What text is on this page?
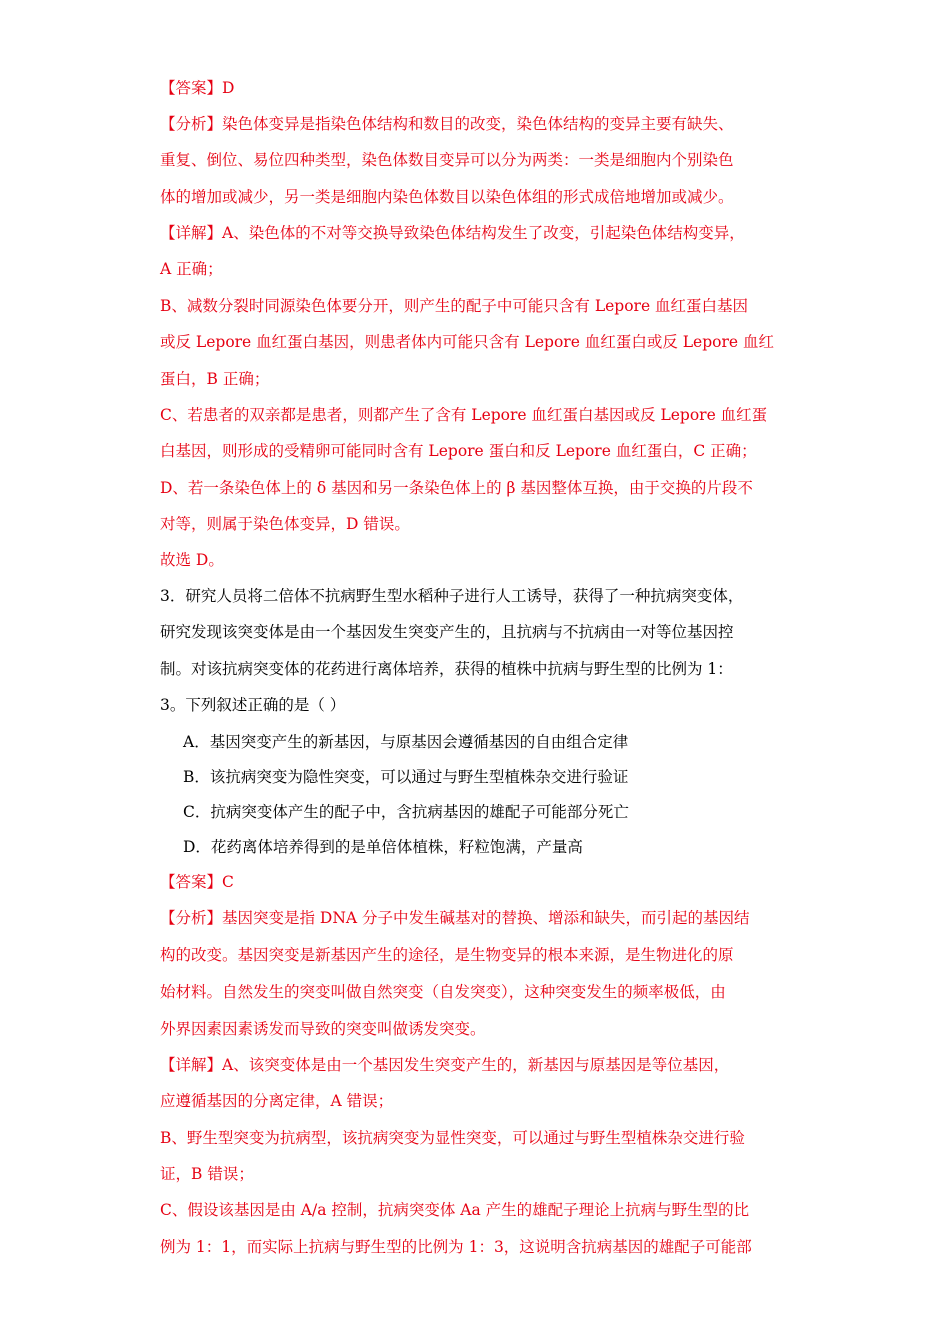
【答案】D
【分析】染色体变异是指染色体结构和数目的改变，染色体结构的变异主要有缺失、
重复、倒位、易位四种类型，染色体数目变异可以分为两类：一类是细胞内个别染色
体的增加或减少，另一类是细胞内染色体数目以染色体组的形式成倍地增加或减少。
【详解】A、染色体的不对等交换导致染色体结构发生了改变，引起染色体结构变异，
A 正确；
B、减数分裂时同源染色体要分开，则产生的配子中可能只含有 Lepore 血红蛋白基因
或反 Lepore 血红蛋白基因，则患者体内可能只含有 Lepore 血红蛋白或反 Lepore 血红
蛋白，B 正确；
C、若患者的双亲都是患者，则都产生了含有 Lepore 血红蛋白基因或反 Lepore 血红蛋
白基因，则形成的受精卵可能同时含有 Lepore 蛋白和反 Lepore 血红蛋白，C 正确；
D、若一条染色体上的 δ 基因和另一条染色体上的 β 基因整体互换，由于交换的片段不
对等，则属于染色体变异，D 错误。
故选 D。
3．研究人员将二倍体不抗病野生型水稻种子进行人工诱导，获得了一种抗病突变体，
研究发现该突变体是由一个基因发生突变产生的，且抗病与不抗病由一对等位基因控
制。对该抗病突变体的花药进行离体培养，获得的植株中抗病与野生型的比例为 1：
3。下列叙述正确的是（ ）
A．基因突变产生的新基因，与原基因会遵循基因的自由组合定律
B．该抗病突变为隐性突变，可以通过与野生型植株杂交进行验证
C．抗病突变体产生的配子中，含抗病基因的雄配子可能部分死亡
D．花药离体培养得到的是单倍体植株，籽粒饱满，产量高
【答案】C
【分析】基因突变是指 DNA 分子中发生碱基对的替换、增添和缺失，而引起的基因结
构的改变。基因突变是新基因产生的途径，是生物变异的根本来源，是生物进化的原
始材料。自然发生的突变叫做自然突变（自发突变），这种突变发生的频率极低，由
外界因素因素诱发而导致的突变叫做诱发突变。
【详解】A、该突变体是由一个基因发生突变产生的，新基因与原基因是等位基因，
应遵循基因的分离定律，A 错误；
B、野生型突变为抗病型，该抗病突变为显性突变，可以通过与野生型植株杂交进行验
证，B 错误；
C、假设该基因是由 A/a 控制，抗病突变体 Aa 产生的雄配子理论上抗病与野生型的比
例为 1：1，而实际上抗病与野生型的比例为 1：3，这说明含抗病基因的雄配子可能部
